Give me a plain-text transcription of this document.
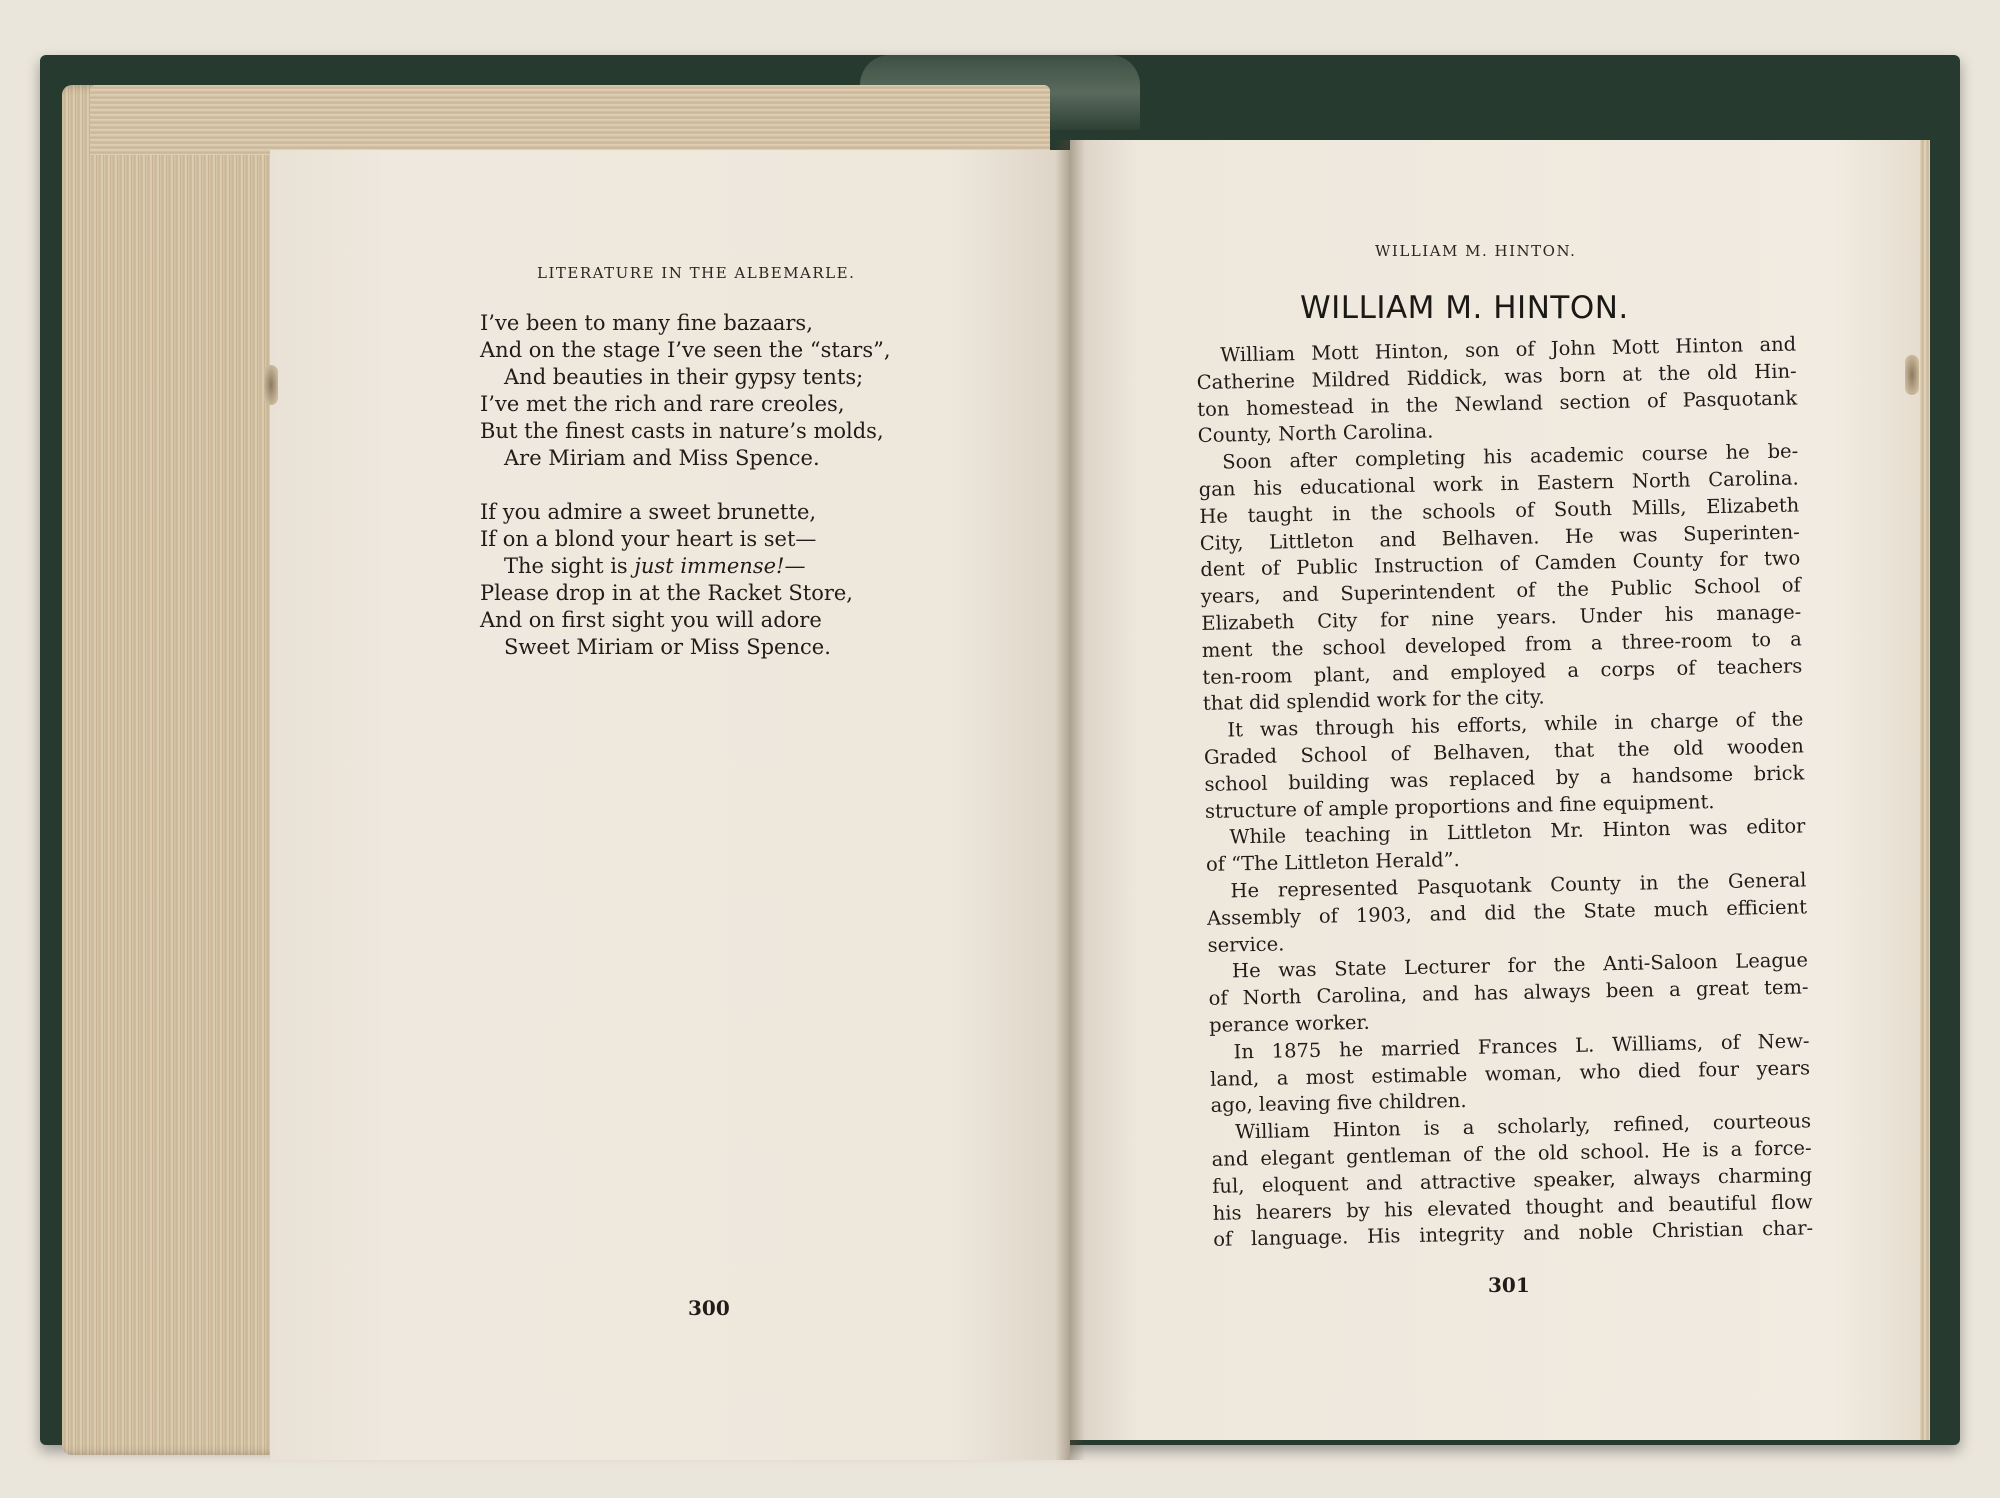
LITERATURE IN THE ALBEMARLE.
I’ve been to many fine bazaars,
And on the stage I’ve seen the “stars”,
And beauties in their gypsy tents;
I’ve met the rich and rare creoles,
But the finest casts in nature’s molds,
Are Miriam and Miss Spence.
If you admire a sweet brunette,
If on a blond your heart is set—
The sight is just immense!—
Please drop in at the Racket Store,
And on first sight you will adore
Sweet Miriam or Miss Spence.
300
WILLIAM M. HINTON.
WILLIAM M. HINTON.
William Mott Hinton, son of John Mott Hinton and
Catherine Mildred Riddick, was born at the old Hin-
ton homestead in the Newland section of Pasquotank
County, North Carolina.
Soon after completing his academic course he be-
gan his educational work in Eastern North Carolina.
He taught in the schools of South Mills, Elizabeth
City, Littleton and Belhaven. He was Superinten-
dent of Public Instruction of Camden County for two
years, and Superintendent of the Public School of
Elizabeth City for nine years. Under his manage-
ment the school developed from a three-room to a
ten-room plant, and employed a corps of teachers
that did splendid work for the city.
It was through his efforts, while in charge of the
Graded School of Belhaven, that the old wooden
school building was replaced by a handsome brick
structure of ample proportions and fine equipment.
While teaching in Littleton Mr. Hinton was editor
of “The Littleton Herald”.
He represented Pasquotank County in the General
Assembly of 1903, and did the State much efficient
service.
He was State Lecturer for the Anti-Saloon League
of North Carolina, and has always been a great tem-
perance worker.
In 1875 he married Frances L. Williams, of New-
land, a most estimable woman, who died four years
ago, leaving five children.
William Hinton is a scholarly, refined, courteous
and elegant gentleman of the old school. He is a force-
ful, eloquent and attractive speaker, always charming
his hearers by his elevated thought and beautiful flow
of language. His integrity and noble Christian char-
301
